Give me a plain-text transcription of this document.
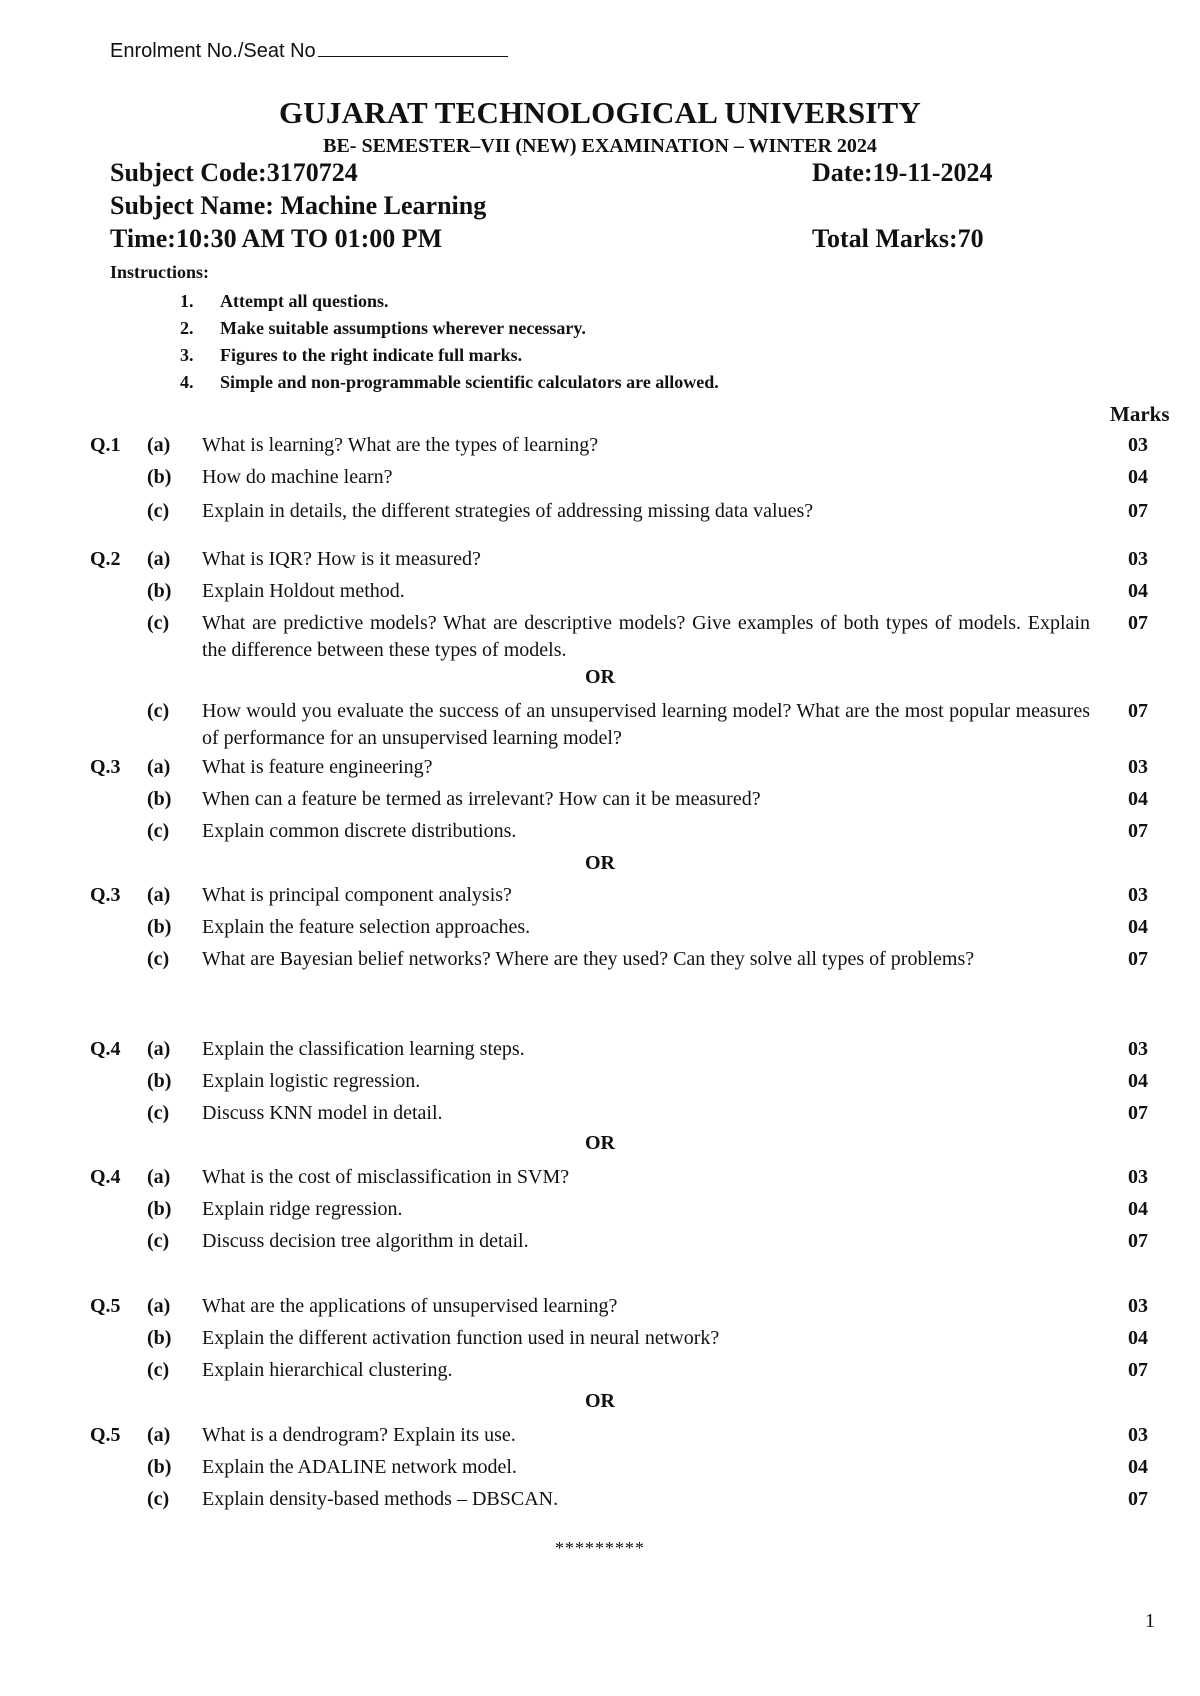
Enrolment No./Seat No
GUJARAT TECHNOLOGICAL UNIVERSITY
BE- SEMESTER–VII (NEW) EXAMINATION – WINTER 2024
Subject Code:3170724	Date:19-11-2024
Subject Name: Machine Learning
Time:10:30 AM TO 01:00 PM	Total Marks:70
Instructions:
1. Attempt all questions.
2. Make suitable assumptions wherever necessary.
3. Figures to the right indicate full marks.
4. Simple and non-programmable scientific calculators are allowed.
Marks
Q.1 (a) What is learning? What are the types of learning?	03
(b) How do machine learn?	04
(c) Explain in details, the different strategies of addressing missing data values?	07
Q.2 (a) What is IQR? How is it measured?	03
(b) Explain Holdout method.	04
(c) What are predictive models? What are descriptive models? Give examples of both types of models. Explain the difference between these types of models.
07
OR
(c) How would you evaluate the success of an unsupervised learning model? What are the most popular measures of performance for an unsupervised learning model?
07
Q.3 (a) What is feature engineering?	03
(b) When can a feature be termed as irrelevant? How can it be measured?	04
(c) Explain common discrete distributions.	07
OR
Q.3 (a) What is principal component analysis?	03
(b) Explain the feature selection approaches.	04
(c) What are Bayesian belief networks? Where are they used? Can they solve all types of problems?	07
Q.4 (a) Explain the classification learning steps.	03
(b) Explain logistic regression.	04
(c) Discuss KNN model in detail.	07
OR
Q.4 (a) What is the cost of misclassification in SVM?	03
(b) Explain ridge regression.	04
(c) Discuss decision tree algorithm in detail.	07
Q.5 (a) What are the applications of unsupervised learning?	03
(b) Explain the different activation function used in neural network?	04
(c) Explain hierarchical clustering.	07
OR
Q.5 (a) What is a dendrogram? Explain its use.	03
(b) Explain the ADALINE network model.	04
(c) Explain density-based methods – DBSCAN.	07
*********
1
